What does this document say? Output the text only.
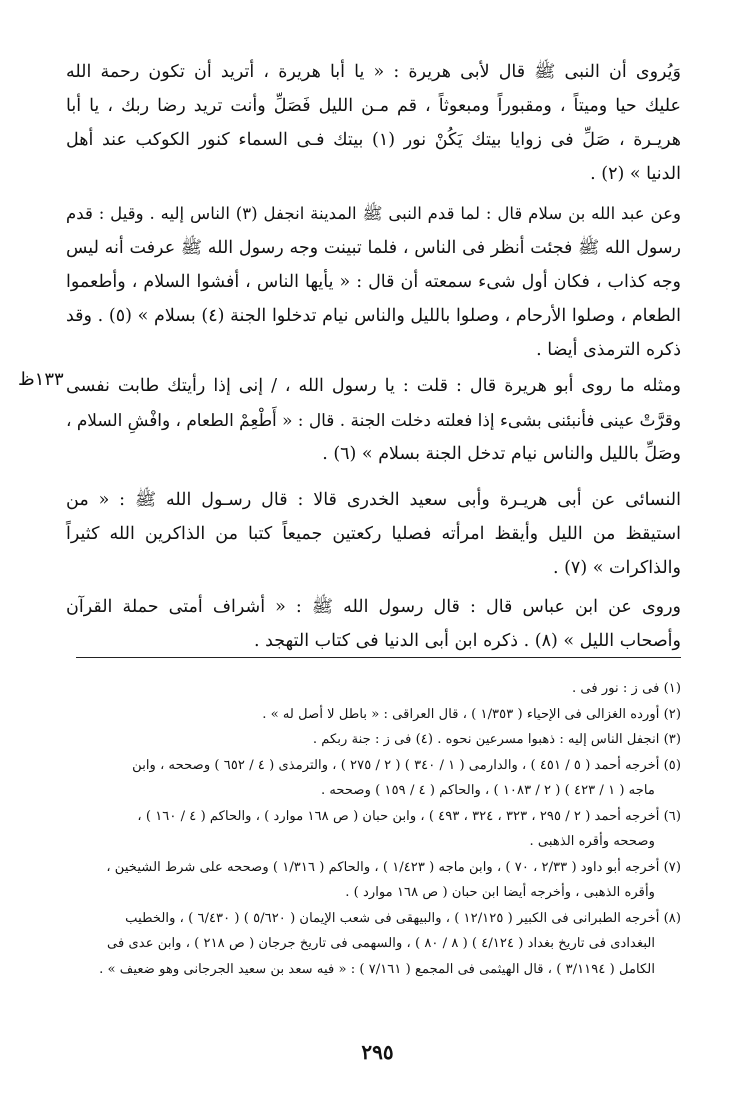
وَيُروى أن النبى ﷺ قال لأبى هريرة : « يا أبا هريرة ، أتريد أن تكون رحمة الله
عليك حيا وميتاً ، ومقبوراً ومبعوثاً ، قم مـن الليل فَصَلِّ وأنت تريد رضا ربك ، يا أبا
هريـرة ، صَلِّ فى زوايا بيتك يَكُنْ نور (١) بيتك فـى السماء كنور الكوكب عند أهل
الدنيا » (٢) .
وعن عبد الله بن سلام قال : لما قدم النبى ﷺ المدينة انجفل (٣) الناس إليه . وقيل : قدم
رسول الله ﷺ فجئت أنظر فى الناس ، فلما تبينت وجه رسول الله ﷺ عرفت أنه ليس
وجه كذاب ، فكان أول شىء سمعته أن قال : « يأيها الناس ، أفشوا السلام ، وأطعموا
الطعام ، وصلوا الأرحام ، وصلوا بالليل والناس نيام تدخلوا الجنة (٤) بسلام » (٥) . وقد
ذكره الترمذى أيضا .
ومثله ما روى أبو هريرة قال : قلت : يا رسول الله ، / إنى إذا رأيتك طابت نفسى
وقرَّتْ عينى فأنبئنى بشىء إذا فعلته دخلت الجنة . قال : « أَطْعِمْ الطعام ، وافْشِ السلام ،
وصَلِّ بالليل والناس نيام تدخل الجنة بسلام » (٦) .
١٣٣ظ
النسائى عن أبى هريـرة وأبى سعيد الخدرى قالا : قال رسـول الله ﷺ : « من
استيقظ من الليل وأيقظ امرأته فصليا ركعتين جميعاً كتبا من الذاكرين الله كثيراً
والذاكرات » (٧) .
وروى عن ابن عباس قال : قال رسول الله ﷺ : « أشراف أمتى حملة القرآن
وأصحاب الليل » (٨) . ذكره ابن أبى الدنيا فى كتاب التهجد .
(١) فى ز : نور فى .
(٢) أورده الغزالى فى الإحياء ( ١/٣٥٣ ) ، قال العراقى : « باطل لا أصل له » .
(٣) انجفل الناس إليه : ذهبوا مسرعين نحوه . (٤) فى ز : جنة ربكم .
(٥) أخرجه أحمد ( ٥ / ٤٥١ ) ، والدارمى ( ١ / ٣٤٠ ) ( ٢ / ٢٧٥ ) ، والترمذى ( ٤ / ٦٥٢ ) وصححه ، وابن
ماجه ( ١ / ٤٢٣ ) ( ٢ / ١٠٨٣ ) ، والحاكم ( ٤ / ١٥٩ ) وصححه .
(٦) أخرجه أحمد ( ٢ / ٢٩٥ ، ٣٢٣ ، ٣٢٤ ، ٤٩٣ ) ، وابن حبان ( ص ١٦٨ موارد ) ، والحاكم ( ٤ / ١٦٠ ) ،
وصححه وأقره الذهبى .
(٧) أخرجه أبو داود ( ٢/٣٣ ، ٧٠ ) ، وابن ماجه ( ١/٤٢٣ ) ، والحاكم ( ١/٣١٦ ) وصححه على شرط الشيخين ،
وأقره الذهبى ، وأخرجه أيضا ابن حبان ( ص ١٦٨ موارد ) .
(٨) أخرجه الطبرانى فى الكبير ( ١٢/١٢٥ ) ، والبيهقى فى شعب الإيمان ( ٥/٦٢٠ ) ( ٦/٤٣٠ ) ، والخطيب
البغدادى فى تاريخ بغداد ( ٤/١٢٤ ) ( ٨ / ٨٠ ) ، والسهمى فى تاريخ جرجان ( ص ٢١٨ ) ، وابن عدى فى
الكامل ( ٣/١١٩٤ ) ، قال الهيثمى فى المجمع ( ٧/١٦١ ) : « فيه سعد بن سعيد الجرجانى وهو ضعيف » .
٢٩٥
